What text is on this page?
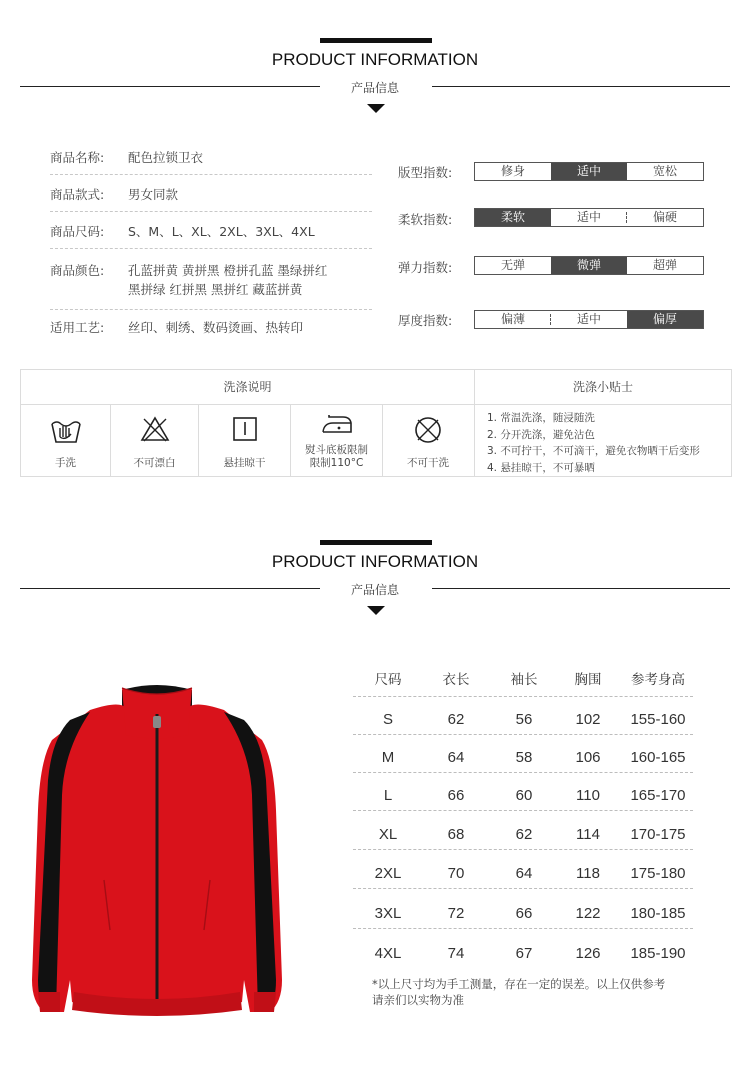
PRODUCT INFORMATION
产品信息
商品名称:	配色拉锁卫衣
商品款式:	男女同款
商品尺码:	S、M、L、XL、2XL、3XL、4XL
商品颜色:	孔蓝拼黄 黄拼黑 橙拼孔蓝 墨绿拼红
黑拼绿 红拼黑 黑拼红 藏蓝拼黄
适用工艺:	丝印、刺绣、数码烫画、热转印
版型指数:	修身	适中	宽松
柔软指数:	柔软	适中	偏硬
弹力指数:	无弹	微弹	超弹
厚度指数:	偏薄	适中	偏厚
洗涤说明	洗涤小贴士
手洗	不可漂白	悬挂晾干
熨斗底板限制
限制110°C	不可干洗
1. 常温洗涤，随浸随洗
2. 分开洗涤，避免沾色
3. 不可拧干，不可滴干，避免衣物晒干后变形
4. 悬挂晾干，不可暴晒
PRODUCT INFORMATION
产品信息
尺码	衣长	袖长	胸围	参考身高
S	62	56	102	155-160
M	64	58	106	160-165
L	66	60	110	165-170
XL	68	62	114	170-175
2XL	70	64	118	175-180
3XL	72	66	122	180-185
4XL	74	67	126	185-190
*以上尺寸均为手工测量，存在一定的误差。以上仅供参考
请亲们以实物为准
